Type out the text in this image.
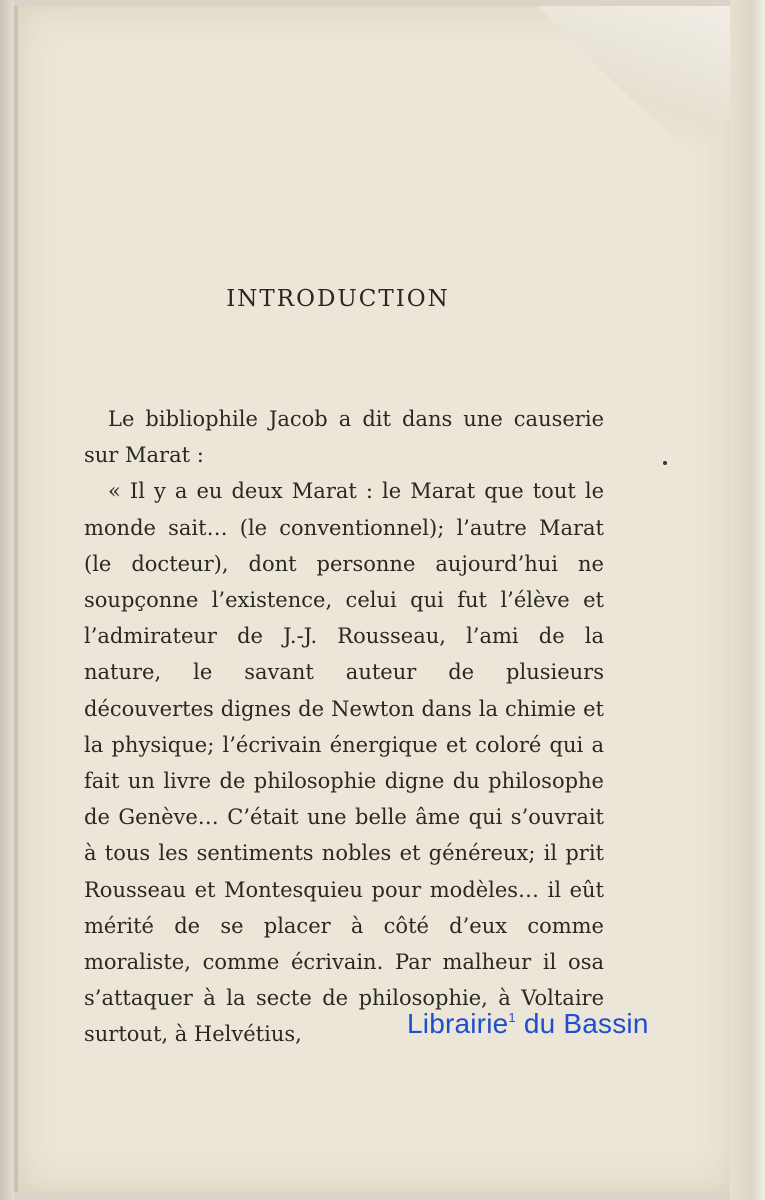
INTRODUCTION

Le bibliophile Jacob a dit dans une causerie sur Marat :

« Il y a eu deux Marat : le Marat que tout le monde sait… (le conventionnel); l’autre Marat (le docteur), dont personne aujourd’hui ne soupçonne l’existence, celui qui fut l’élève et l’admirateur de J.-J. Rousseau, l’ami de la nature, le savant auteur de plusieurs découvertes dignes de Newton dans la chimie et la physique; l’écrivain énergique et coloré qui a fait un livre de philosophie digne du philosophe de Genève… C’était une belle âme qui s’ouvrait à tous les sentiments nobles et généreux; il prit Rousseau et Montesquieu pour modèles… il eût mérité de se placer à côté d’eux comme moraliste, comme écrivain. Par malheur il osa s’attaquer à la secte de philosophie, à Voltaire surtout, à Helvétius,	Librairie$^1$ du Bassin
